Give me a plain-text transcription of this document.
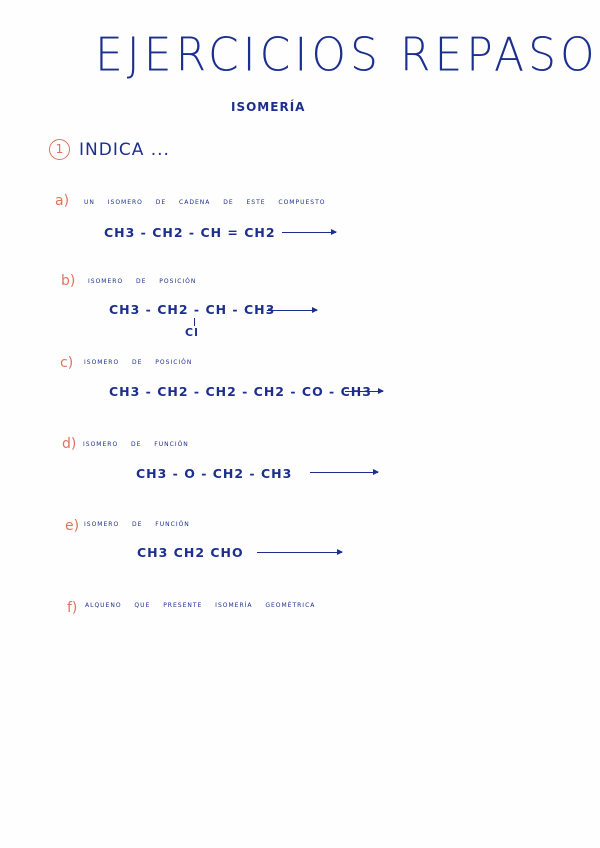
EJERCICIOS REPASO
ISOMERÍA
1 INDICA ...
a) un isomero de cadena de este compuesto
CH3 - CH2 - CH = CH2
b) isomero de posición
CH3 - CH2 - CH - CH3
Cl
c) isomero de posición
CH3 - CH2 - CH2 - CH2 - CO - CH3
d) isomero de función
CH3 - O - CH2 - CH3
e) isomero de función
CH3 CH2 CHO
f) alqueno que presente isomería geométrica
